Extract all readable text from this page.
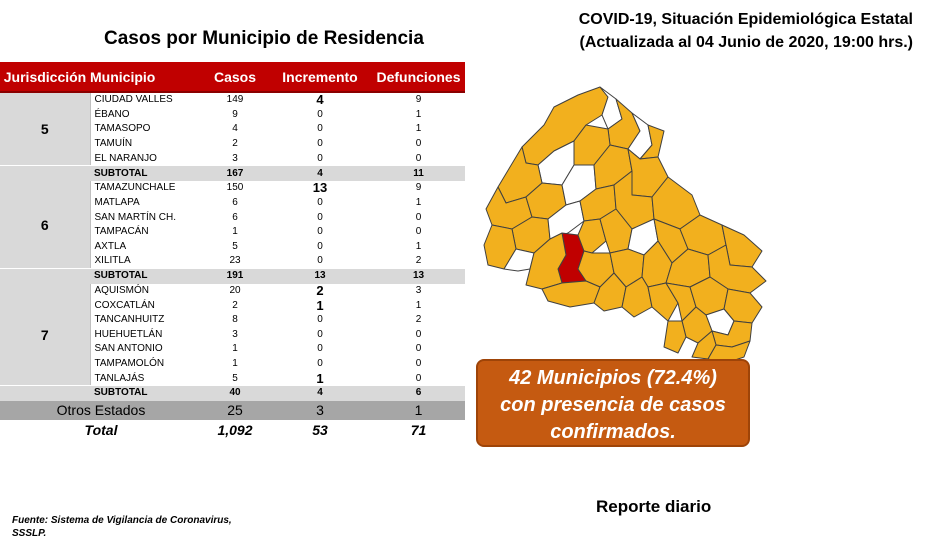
Casos por Municipio de Residencia
COVID-19, Situación Epidemiológica Estatal
(Actualizada al 04 Junio de 2020, 19:00 hrs.)
Jurisdicción	Municipio	Casos	Incremento	Defunciones
5	CIUDAD VALLES	149	4	9
	ÉBANO	9	0	1
	TAMASOPO	4	0	1
	TAMUÍN	2	0	0
	EL NARANJO	3	0	0
	SUBTOTAL	167	4	11
6	TAMAZUNCHALE	150	13	9
	MATLAPA	6	0	1
	SAN MARTÍN CH.	6	0	0
	TAMPACÁN	1	0	0
	AXTLA	5	0	1
	XILITLA	23	0	2
	SUBTOTAL	191	13	13
7	AQUISMÓN	20	2	3
	COXCATLÁN	2	1	1
	TANCANHUITZ	8	0	2
	HUEHUETLÁN	3	0	0
	SAN ANTONIO	1	0	0
	TAMPAMOLÓN	1	0	0
	TANLAJÁS	5	1	0
	SUBTOTAL	40	4	6
Otros Estados		25	3	1
Total		1,092	53	71
42 Municipios (72.4%)
con presencia de casos
confirmados.
Reporte diario
Fuente: Sistema de Vigilancia de Coronavirus,
SSSLP.
